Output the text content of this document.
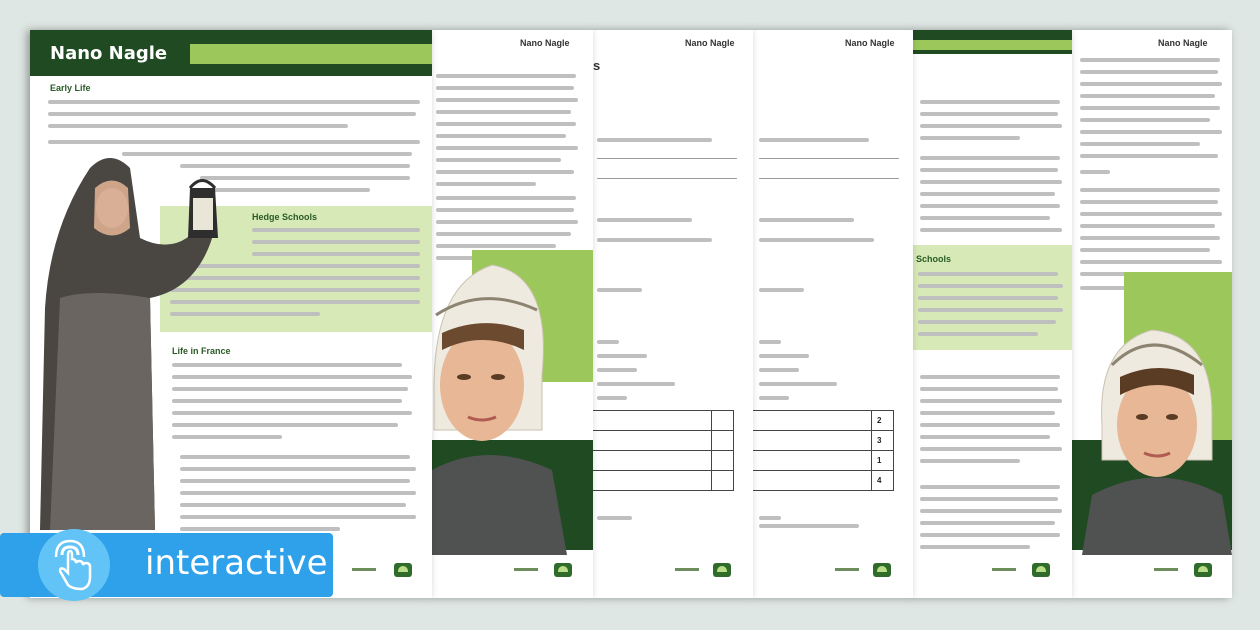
Nano Nagle
Schools
Nano Nagle
2
3
1
4
Nano Nagle
s
Nano Nagle
Nano Nagle
Early Life
Hedge Schools
Life in France
interactive
